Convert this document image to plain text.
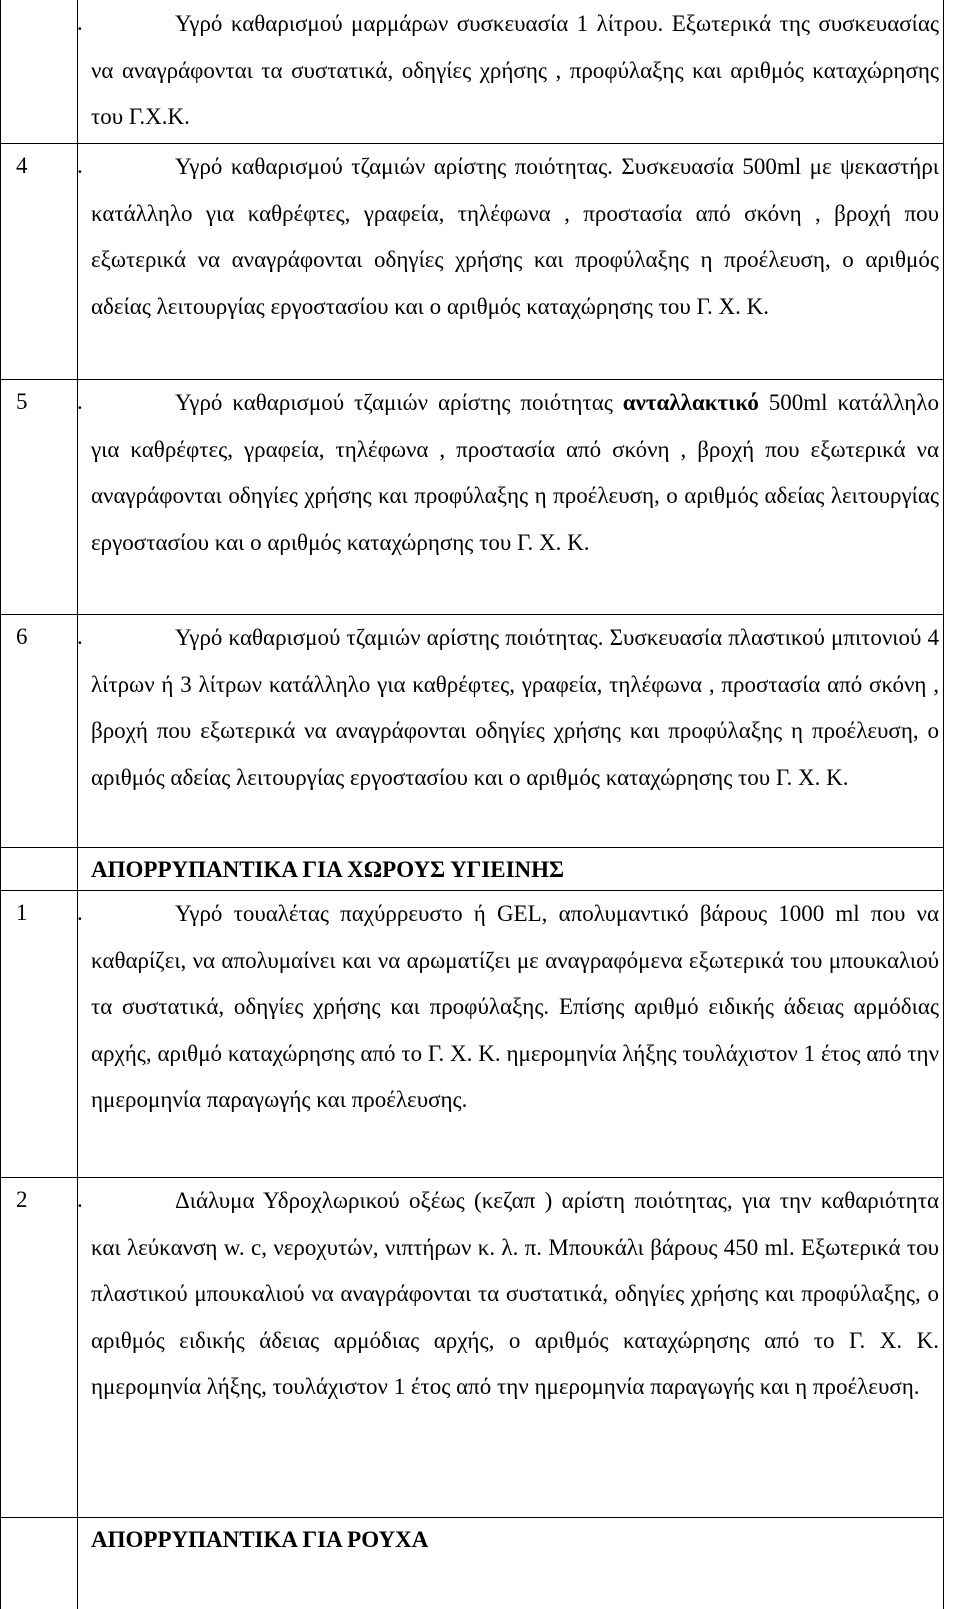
.	Υγρό καθαρισμού μαρμάρων συσκευασία 1 λίτρου. Εξωτερικά της συσκευασίας να αναγράφονται τα συστατικά, οδηγίες χρήσης , προφύλαξης και αριθμός καταχώρησης του Γ.Χ.Κ.
4 .	Υγρό καθαρισμού τζαμιών αρίστης ποιότητας. Συσκευασία 500ml με ψεκαστήρι κατάλληλο για καθρέφτες, γραφεία, τηλέφωνα , προστασία από σκόνη , βροχή που εξωτερικά να αναγράφονται οδηγίες χρήσης και προφύλαξης η προέλευση, ο αριθμός αδείας λειτουργίας εργοστασίου και ο αριθμός καταχώρησης του Γ. Χ. Κ.
5 .	Υγρό καθαρισμού τζαμιών αρίστης ποιότητας ανταλλακτικό 500ml κατάλληλο για καθρέφτες, γραφεία, τηλέφωνα , προστασία από σκόνη , βροχή που εξωτερικά να αναγράφονται οδηγίες χρήσης και προφύλαξης η προέλευση, ο αριθμός αδείας λειτουργίας εργοστασίου και ο αριθμός καταχώρησης του Γ. Χ. Κ.
6 .	Υγρό καθαρισμού τζαμιών αρίστης ποιότητας. Συσκευασία πλαστικού μπιτονιού 4 λίτρων ή 3 λίτρων κατάλληλο για καθρέφτες, γραφεία, τηλέφωνα , προστασία από σκόνη , βροχή που εξωτερικά να αναγράφονται οδηγίες χρήσης και προφύλαξης η προέλευση, ο αριθμός αδείας λειτουργίας εργοστασίου και ο αριθμός καταχώρησης του Γ. Χ. Κ.
ΑΠΟΡΡΥΠΑΝΤΙΚΑ ΓΙΑ ΧΩΡΟΥΣ ΥΓΙΕΙΝΗΣ
1 .	Υγρό τουαλέτας παχύρρευστο ή GEL, απολυμαντικό βάρους 1000 ml που να καθαρίζει, να απολυμαίνει και να αρωματίζει με αναγραφόμενα εξωτερικά του μπουκαλιού τα συστατικά, οδηγίες χρήσης και προφύλαξης. Επίσης αριθμό ειδικής άδειας αρμόδιας αρχής, αριθμό καταχώρησης από το Γ. Χ. Κ. ημερομηνία λήξης τουλάχιστον 1 έτος από την ημερομηνία παραγωγής και προέλευσης.
2 .	Διάλυμα Υδροχλωρικού οξέως (κεζαπ ) αρίστη ποιότητας, για την καθαριότητα και λεύκανση w. c, νεροχυτών, νιπτήρων κ. λ. π. Μπουκάλι βάρους 450 ml. Εξωτερικά του πλαστικού μπουκαλιού να αναγράφονται τα συστατικά, οδηγίες χρήσης και προφύλαξης, ο αριθμός ειδικής άδειας αρμόδιας αρχής, ο αριθμός καταχώρησης από το Γ. Χ. Κ. ημερομηνία λήξης, τουλάχιστον 1 έτος από την ημερομηνία παραγωγής και η προέλευση.
ΑΠΟΡΡΥΠΑΝΤΙΚΑ ΓΙΑ ΡΟΥΧΑ
